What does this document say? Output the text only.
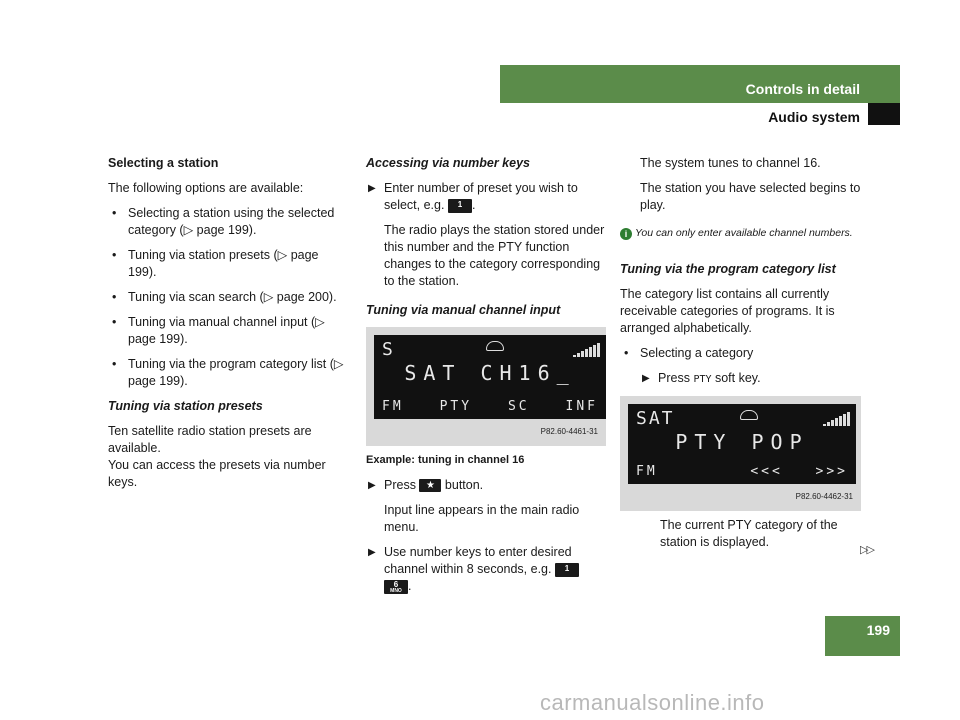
Controls in detail
Audio system
Selecting a station

The following options are available:

• Selecting a station using the selected category (▷ page 199).
• Tuning via station presets (▷ page 199).
• Tuning via scan search (▷ page 200).
• Tuning via manual channel input (▷ page 199).
• Tuning via the program category list (▷ page 199).
Tuning via station presets
Ten satellite radio station presets are available.
You can access the presets via number keys.
Accessing via number keys
▶ Enter number of preset you wish to select, e.g. 1 .
The radio plays the station stored under this number and the PTY function changes to the category corresponding to the station.
Tuning via manual channel input
S
SAT CH16_
FM	PTY	SC	INF
P82.60-4461-31
Example: tuning in channel 16
▶ Press ★ button.
Input line appears in the main radio menu.
▶ Use number keys to enter desired channel within 8 seconds, e.g. 1 6
MNO .
The system tunes to channel 16.
The station you have selected begins to play.
i You can only enter available channel numbers.
Tuning via the program category list

The category list contains all currently receivable categories of programs. It is arranged alphabetically.

• Selecting a category
▶ Press PTY soft key.
SAT
PTY POP
FM	<<<	>>>
P82.60-4462-31
The current PTY category of the station is displayed.
▷▷
199
carmanualsonline.info
